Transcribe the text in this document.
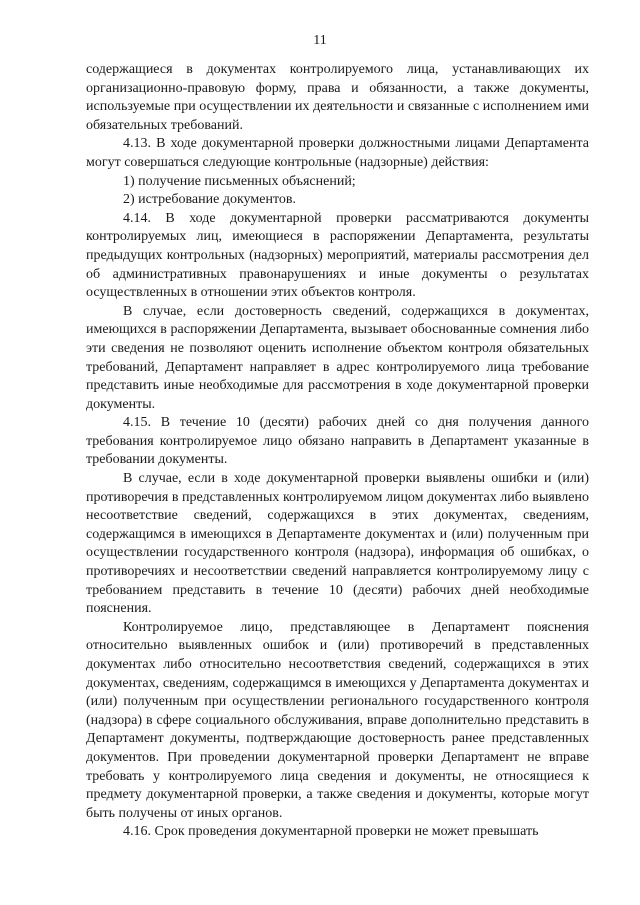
11

содержащиеся в документах контролируемого лица, устанавливающих их организационно-правовую форму, права и обязанности, а также документы, используемые при осуществлении их деятельности и связанные с исполнением ими обязательных требований.

4.13. В ходе документарной проверки должностными лицами Департамента могут совершаться следующие контрольные (надзорные) действия:

1) получение письменных объяснений;

2) истребование документов.

4.14. В ходе документарной проверки рассматриваются документы контролируемых лиц, имеющиеся в распоряжении Департамента, результаты предыдущих контрольных (надзорных) мероприятий, материалы рассмотрения дел об административных правонарушениях и иные документы о результатах осуществленных в отношении этих объектов контроля.

В случае, если достоверность сведений, содержащихся в документах, имеющихся в распоряжении Департамента, вызывает обоснованные сомнения либо эти сведения не позволяют оценить исполнение объектом контроля обязательных требований, Департамент направляет в адрес контролируемого лица требование представить иные необходимые для рассмотрения в ходе документарной проверки документы.

4.15. В течение 10 (десяти) рабочих дней со дня получения данного требования контролируемое лицо обязано направить в Департамент указанные в требовании документы.

В случае, если в ходе документарной проверки выявлены ошибки и (или) противоречия в представленных контролируемом лицом документах либо выявлено несоответствие сведений, содержащихся в этих документах, сведениям, содержащимся в имеющихся в Департаменте документах и (или) полученным при осуществлении государственного контроля (надзора), информация об ошибках, о противоречиях и несоответствии сведений направляется контролируемому лицу с требованием представить в течение 10 (десяти) рабочих дней необходимые пояснения.

Контролируемое лицо, представляющее в Департамент пояснения относительно выявленных ошибок и (или) противоречий в представленных документах либо относительно несоответствия сведений, содержащихся в этих документах, сведениям, содержащимся в имеющихся у Департамента документах и (или) полученным при осуществлении регионального государственного контроля (надзора) в сфере социального обслуживания, вправе дополнительно представить в Департамент документы, подтверждающие достоверность ранее представленных документов. При проведении документарной проверки Департамент не вправе требовать у контролируемого лица сведения и документы, не относящиеся к предмету документарной проверки, а также сведения и документы, которые могут быть получены от иных органов.

4.16. Срок проведения документарной проверки не может превышать
